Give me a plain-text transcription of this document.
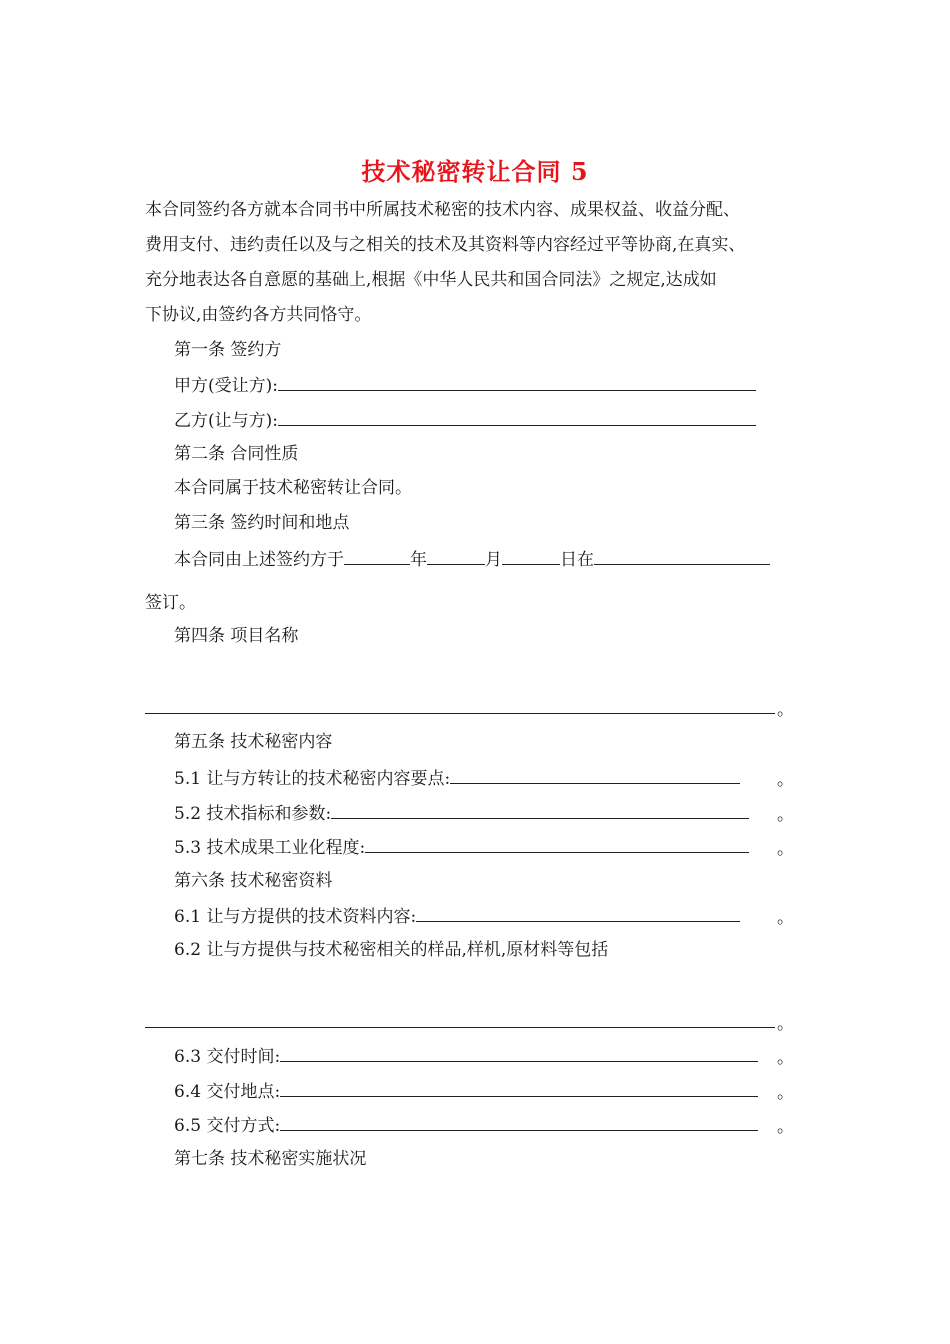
技术秘密转让合同 5
本合同签约各方就本合同书中所属技术秘密的技术内容、成果权益、收益分配、
费用支付、违约责任以及与之相关的技术及其资料等内容经过平等协商,在真实、
充分地表达各自意愿的基础上,根据《中华人民共和国合同法》之规定,达成如
下协议,由签约各方共同恪守。
第一条 签约方
甲方(受让方):
乙方(让与方):
第二条 合同性质
本合同属于技术秘密转让合同。
第三条 签约时间和地点
本合同由上述签约方于	年	月	日在
签订。
第四条 项目名称
。
第五条 技术秘密内容
5.1 让与方转让的技术秘密内容要点:	。
5.2 技术指标和参数:	。
5.3 技术成果工业化程度:	。
第六条 技术秘密资料
6.1 让与方提供的技术资料内容:	。
6.2 让与方提供与技术秘密相关的样品,样机,原材料等包括
。
6.3 交付时间:	。
6.4 交付地点:	。
6.5 交付方式:	。
第七条 技术秘密实施状况
